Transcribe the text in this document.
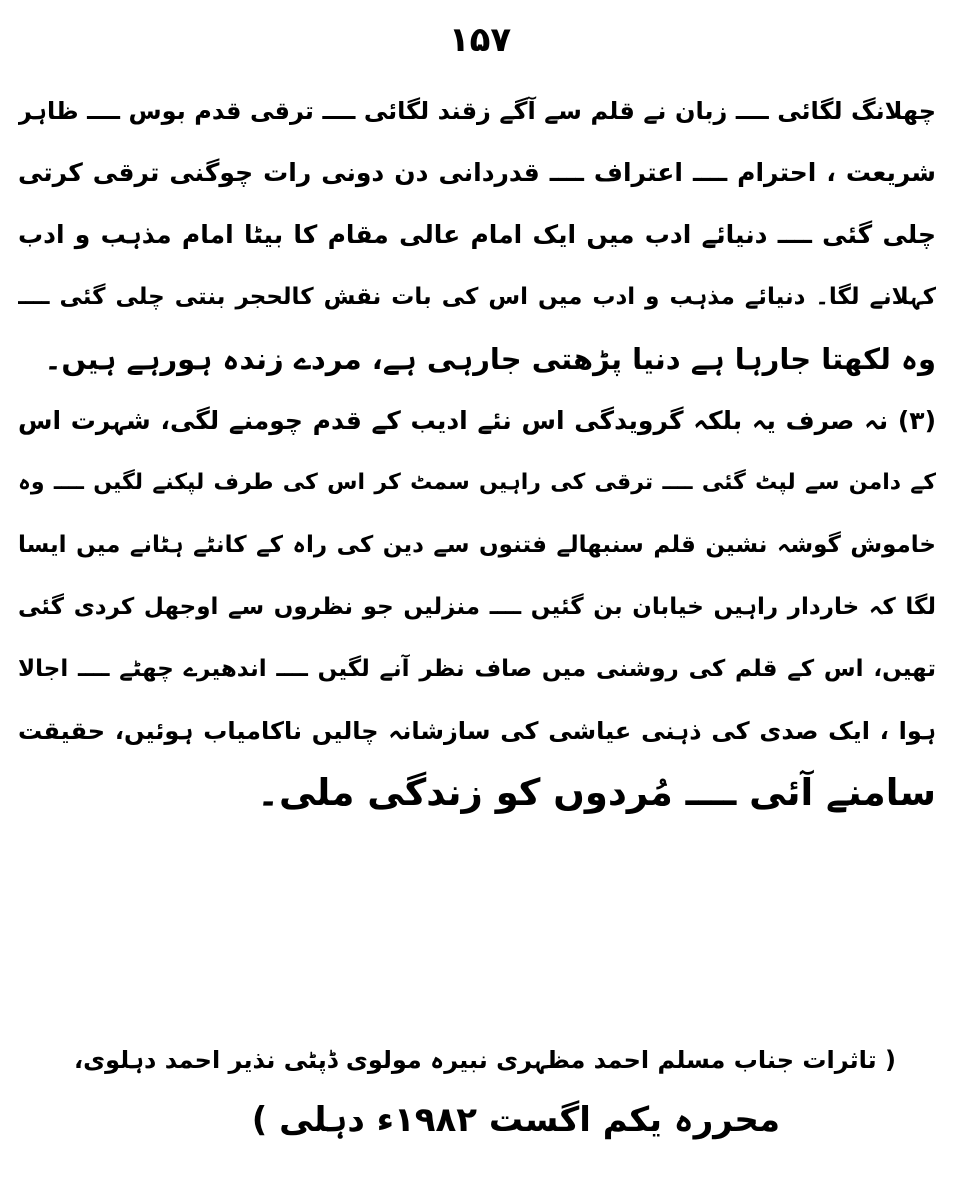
۱۵۷
چھلانگ لگائی ــــ زبان نے قلم سے آگے زقند لگائی ــــ ترقی قدم بوس ــــ ظاہر
شریعت ، احترام ــــ اعتراف ــــ قدردانی دن دونی رات چوگنی ترقی کرتی
چلی گئی ــــ دنیائے ادب میں ایک امام عالی مقام کا بیٹا امام مذہب و ادب
کہلانے لگا۔ دنیائے مذہب و ادب میں اس کی بات نقش کالحجر بنتی چلی گئی ــــ
وہ لکھتا جارہا ہے دنیا پڑھتی جارہی ہے، مردے زندہ ہورہے ہیں۔
(۳) نہ صرف یہ بلکہ گرویدگی اس نئے ادیب کے قدم چومنے لگی، شہرت اس
کے دامن سے لپٹ گئی ــــ ترقی کی راہیں سمٹ کر اس کی طرف لپکنے لگیں ــــ وہ
خاموش گوشہ نشین قلم سنبھالے فتنوں سے دین کی راہ کے کانٹے ہٹانے میں ایسا
لگا کہ خاردار راہیں خیابان بن گئیں ــــ منزلیں جو نظروں سے اوجھل کردی گئی
تھیں، اس کے قلم کی روشنی میں صاف نظر آنے لگیں ــــ اندھیرے چھٹے ــــ اجالا
ہوا ، ایک صدی کی ذہنی عیاشی کی سازشانہ چالیں ناکامیاب ہوئیں، حقیقت
سامنے آئی ــــ مُردوں کو زندگی ملی۔
( تاثرات جناب مسلم احمد مظہری نبیرہ مولوی ڈپٹی نذیر احمد دہلوی،
محررہ یکم اگست ۱۹۸۲ء دہلی )
